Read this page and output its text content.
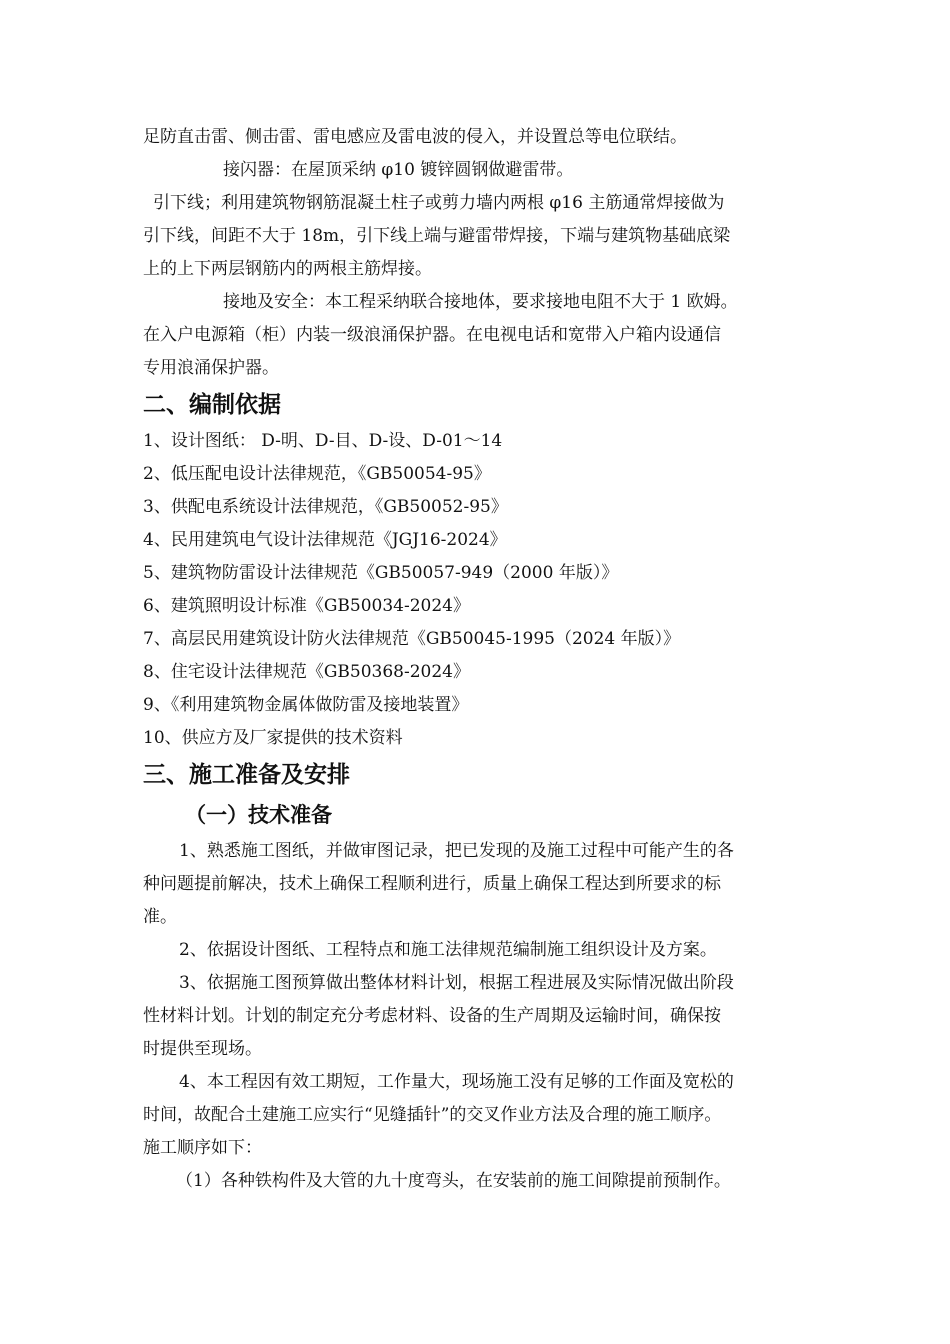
足防直击雷、侧击雷、雷电感应及雷电波的侵入，并设置总等电位联结。
接闪器：在屋顶采纳 φ10 镀锌圆钢做避雷带。
引下线；利用建筑物钢筋混凝土柱子或剪力墙内两根 φ16 主筋通常焊接做为
引下线，间距不大于 18m，引下线上端与避雷带焊接，下端与建筑物基础底梁
上的上下两层钢筋内的两根主筋焊接。
接地及安全：本工程采纳联合接地体，要求接地电阻不大于 1 欧姆。
在入户电源箱（柜）内装一级浪涌保护器。在电视电话和宽带入户箱内设通信
专用浪涌保护器。
二、编制依据
1、设计图纸： D-明、D-目、D-设、D-01～14
2、低压配电设计法律规范，《GB50054-95》
3、供配电系统设计法律规范，《GB50052-95》
4、民用建筑电气设计法律规范《JGJ16-2024》
5、建筑物防雷设计法律规范《GB50057-949（2000 年版）》
6、建筑照明设计标准《GB50034-2024》
7、高层民用建筑设计防火法律规范《GB50045-1995（2024 年版）》
8、住宅设计法律规范《GB50368-2024》
9、《利用建筑物金属体做防雷及接地装置》
10、供应方及厂家提供的技术资料
三、施工准备及安排
（一）技术准备
1、熟悉施工图纸，并做审图记录，把已发现的及施工过程中可能产生的各
种问题提前解决，技术上确保工程顺利进行，质量上确保工程达到所要求的标
准。
2、依据设计图纸、工程特点和施工法律规范编制施工组织设计及方案。
3、依据施工图预算做出整体材料计划，根据工程进展及实际情况做出阶段
性材料计划。计划的制定充分考虑材料、设备的生产周期及运输时间，确保按
时提供至现场。
4、本工程因有效工期短，工作量大，现场施工没有足够的工作面及宽松的
时间，故配合土建施工应实行“见缝插针”的交叉作业方法及合理的施工顺序。
施工顺序如下：
（1）各种铁构件及大管的九十度弯头，在安装前的施工间隙提前预制作。
